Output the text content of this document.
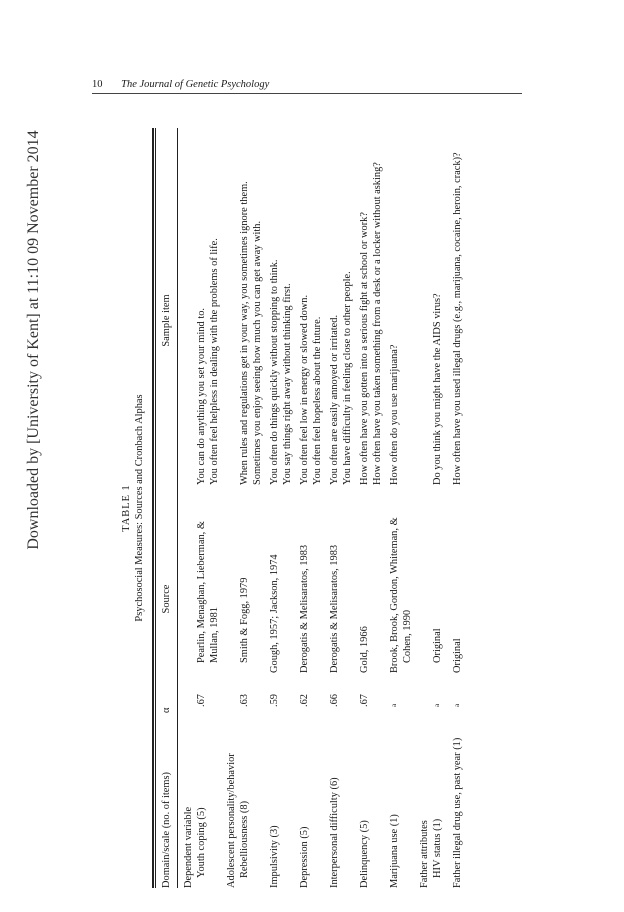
Downloaded by [University of Kent] at 11:10 09 November 2014
10 The Journal of Genetic Psychology
TABLE 1 Psychosocial Measures: Sources and Cronbach Alphas
Domain/scale (no. of items)
α
Source
Sample item
Dependent variable Youth coping (5)

.67

Pearlin, Menaghan, Lieberman, & Mullan, 1981

You can do anything you set your mind to. You often feel helpless in dealing with the problems of life.
Adolescent personality/behavior Rebelliousness (8)

.63

Smith & Fogg, 1979

When rules and regulations get in your way, you sometimes ignore them. Sometimes you enjoy seeing how much you can get away with.
Impulsivity (3)
.59
Gough, 1957; Jackson, 1974
You often do things quickly without stopping to think. You say things right away without thinking first.
Depression (5)
.62
Derogatis & Melisaratos, 1983
You often feel low in energy or slowed down. You often feel hopeless about the future.
Interpersonal difficulty (6)
.66
Derogatis & Melisaratos, 1983
You often are easily annoyed or irritated. You have difficulty in feeling close to other people.
Delinquency (5)
.67
Gold, 1966
How often have you gotten into a serious fight at school or work? How often have you taken something from a desk or a locker without asking?
Marijuana use (1)
$^a$
Brook, Brook, Gordon, Whiteman, & Cohen, 1990
How often do you use marijuana?
Father attributes HIV status (1)

$^a$

Original

Do you think you might have the AIDS virus?
Father illegal drug use, past year (1)
$^a$
Original
How often have you used illegal drugs (e.g., marijuana, cocaine, heroin, crack)?
